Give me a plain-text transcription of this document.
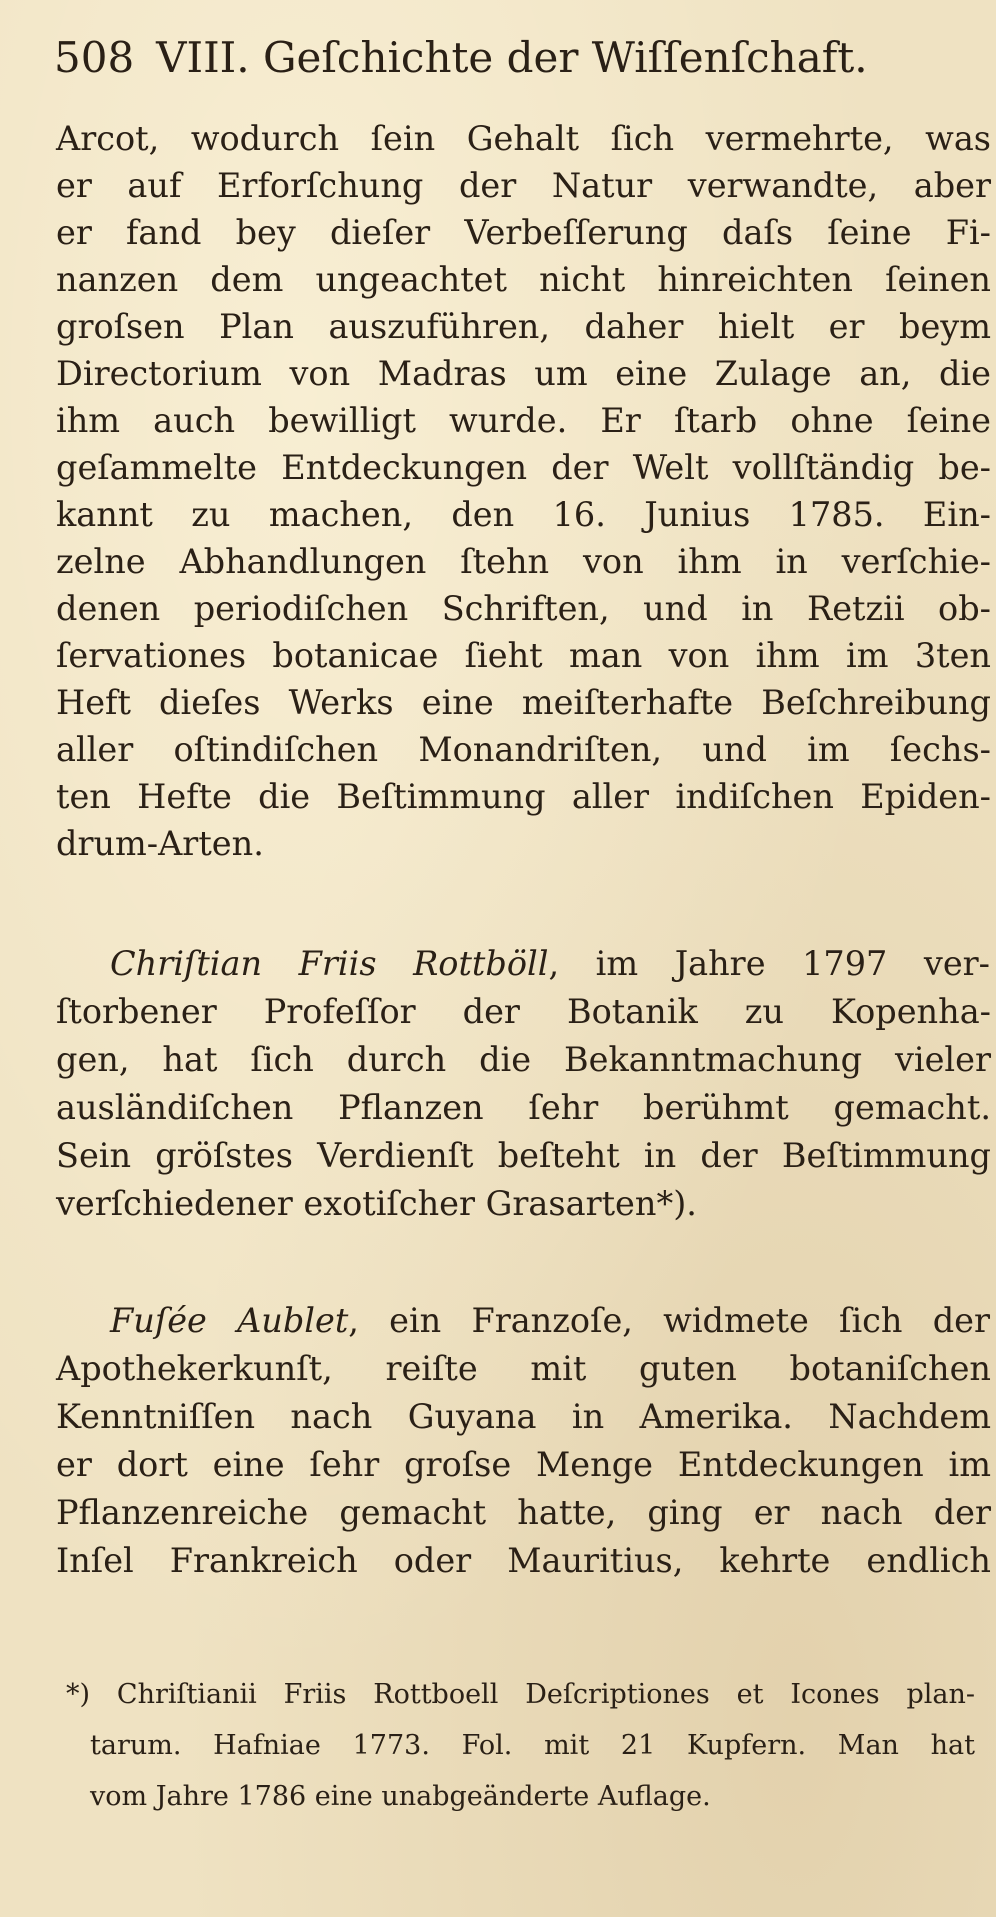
508 VIII. Geſchichte der Wiſſenſchaft.
Arcot, wodurch ſein Gehalt ſich vermehrte, was
er auf Erforſchung der Natur verwandte, aber
er fand bey dieſer Verbeſſerung daſs ſeine Fi-
nanzen dem ungeachtet nicht hinreichten ſeinen
groſsen Plan auszuführen, daher hielt er beym
Directorium von Madras um eine Zulage an, die
ihm auch bewilligt wurde. Er ſtarb ohne ſeine
geſammelte Entdeckungen der Welt vollſtändig be-
kannt zu machen, den 16. Junius 1785. Ein-
zelne Abhandlungen ſtehn von ihm in verſchie-
denen periodiſchen Schriften, und in Retzii ob-
ſervationes botanicae ſieht man von ihm im 3ten
Heft dieſes Werks eine meiſterhafte Beſchreibung
aller oſtindiſchen Monandriſten, und im ſechs-
ten Hefte die Beſtimmung aller indiſchen Epiden-
drum-Arten.
Chriſtian Friis Rottböll, im Jahre 1797 ver-
ſtorbener Profeſſor der Botanik zu Kopenha-
gen, hat ſich durch die Bekanntmachung vieler
ausländiſchen Pflanzen ſehr berühmt gemacht.
Sein gröſstes Verdienſt beſteht in der Beſtimmung
verſchiedener exotiſcher Grasarten*).
Fuſée Aublet, ein Franzoſe, widmete ſich der
Apothekerkunſt, reiſte mit guten botaniſchen
Kenntniſſen nach Guyana in Amerika. Nachdem
er dort eine ſehr groſse Menge Entdeckungen im
Pflanzenreiche gemacht hatte, ging er nach der
Inſel Frankreich oder Mauritius, kehrte endlich
*) Chriſtianii Friis Rottboell Deſcriptiones et Icones plan-
tarum. Hafniae 1773. Fol. mit 21 Kupfern. Man hat
vom Jahre 1786 eine unabgeänderte Auflage.
